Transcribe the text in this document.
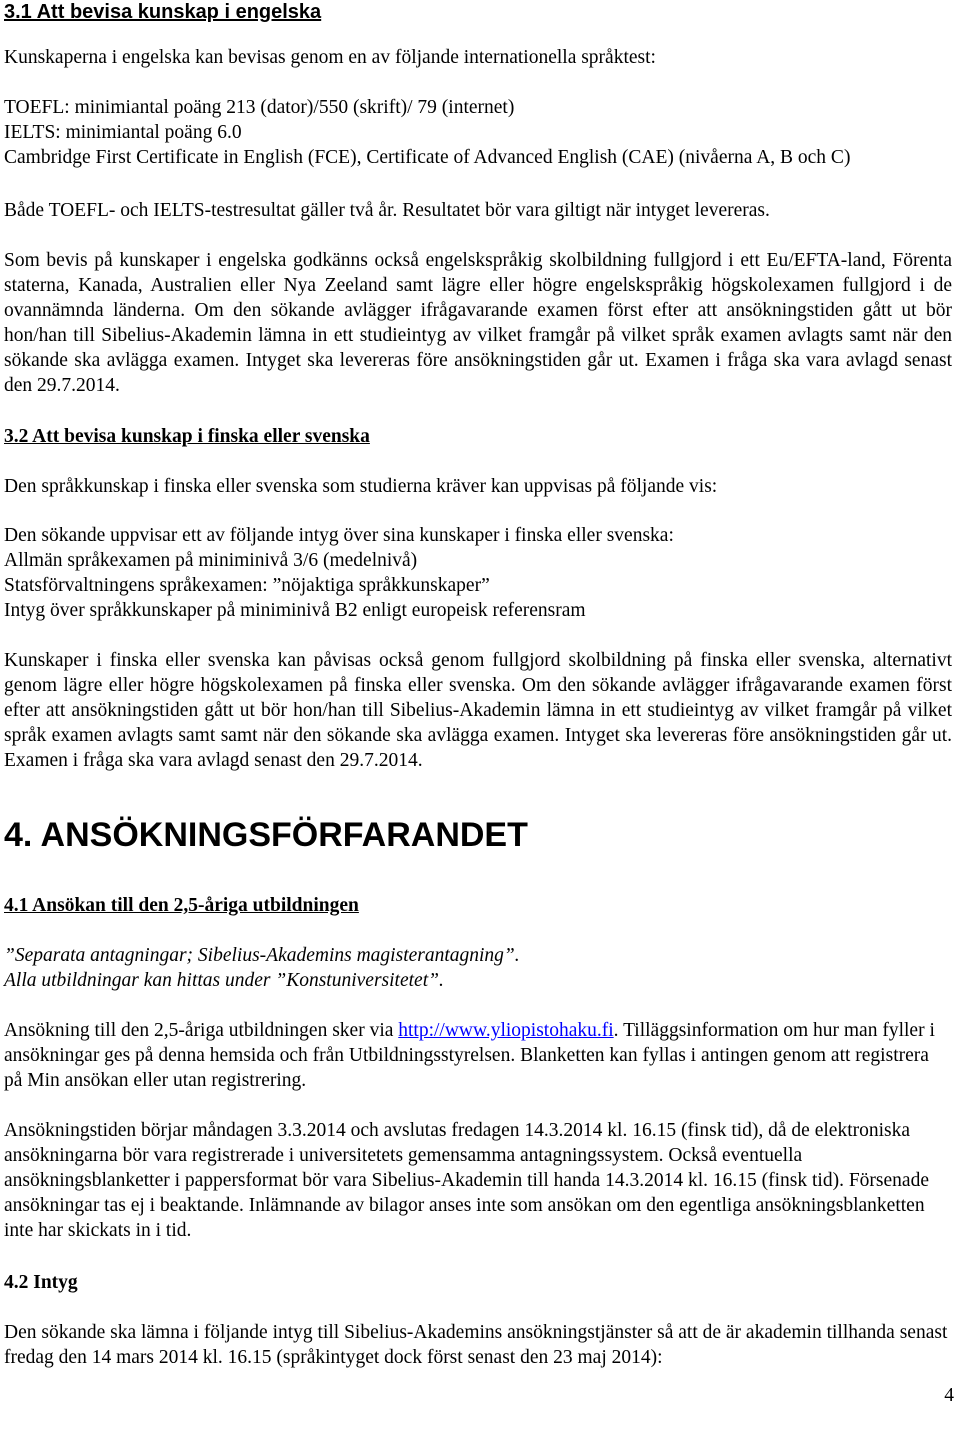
3.1 Att bevisa kunskap i engelska
Kunskaperna i engelska kan bevisas genom en av följande internationella språktest:
TOEFL: minimiantal poäng 213 (dator)/550 (skrift)/ 79 (internet)
IELTS: minimiantal poäng 6.0
Cambridge First Certificate in English (FCE), Certificate of Advanced English (CAE) (nivåerna A, B och C)
Både TOEFL- och IELTS-testresultat gäller två år. Resultatet bör vara giltigt när intyget levereras.
Som bevis på kunskaper i engelska godkänns också engelskspråkig skolbildning fullgjord i ett Eu/EFTA-land, Förenta staterna, Kanada, Australien eller Nya Zeeland samt lägre eller högre engelskspråkig högskolexamen fullgjord i de ovannämnda länderna. Om den sökande avlägger ifrågavarande examen först efter att ansökningstiden gått ut bör hon/han till Sibelius-Akademin lämna in ett studieintyg av vilket framgår på vilket språk examen avlagts samt när den sökande ska avlägga examen. Intyget ska levereras före ansökningstiden går ut. Examen i fråga ska vara avlagd senast den 29.7.2014.
3.2 Att bevisa kunskap i finska eller svenska
Den språkkunskap i finska eller svenska som studierna kräver kan uppvisas på följande vis:
Den sökande uppvisar ett av följande intyg över sina kunskaper i finska eller svenska:
Allmän språkexamen på miniminivå 3/6 (medelnivå)
Statsförvaltningens språkexamen: ”nöjaktiga språkkunskaper”
Intyg över språkkunskaper på miniminivå B2 enligt europeisk referensram
Kunskaper i finska eller svenska kan påvisas också genom fullgjord skolbildning på finska eller svenska, alternativt genom lägre eller högre högskolexamen på finska eller svenska. Om den sökande avlägger ifrågavarande examen först efter att ansökningstiden gått ut bör hon/han till Sibelius-Akademin lämna in ett studieintyg av vilket framgår på vilket språk examen avlagts samt samt när den sökande ska avlägga examen. Intyget ska levereras före ansökningstiden går ut. Examen i fråga ska vara avlagd senast den 29.7.2014.
4. ANSÖKNINGSFÖRFARANDET
4.1 Ansökan till den 2,5-åriga utbildningen
”Separata antagningar; Sibelius-Akademins magisterantagning”.
Alla utbildningar kan hittas under ”Konstuniversitetet”.
Ansökning till den 2,5-åriga utbildningen sker via http://www.yliopistohaku.fi. Tilläggsinformation om hur man fyller i ansökningar ges på denna hemsida och från Utbildningsstyrelsen. Blanketten kan fyllas i antingen genom att registrera på Min ansökan eller utan registrering.
Ansökningstiden börjar måndagen 3.3.2014 och avslutas fredagen 14.3.2014 kl. 16.15 (finsk tid), då de elektroniska ansökningarna bör vara registrerade i universitetets gemensamma antagningssystem. Också eventuella ansökningsblanketter i pappersformat bör vara Sibelius-Akademin till handa 14.3.2014 kl. 16.15 (finsk tid). Försenade ansökningar tas ej i beaktande. Inlämnande av bilagor anses inte som ansökan om den egentliga ansökningsblanketten inte har skickats in i tid.
4.2 Intyg
Den sökande ska lämna i följande intyg till Sibelius-Akademins ansökningstjänster så att de är akademin tillhanda senast fredag den 14 mars 2014 kl. 16.15 (språkintyget dock först senast den 23 maj 2014):
4
